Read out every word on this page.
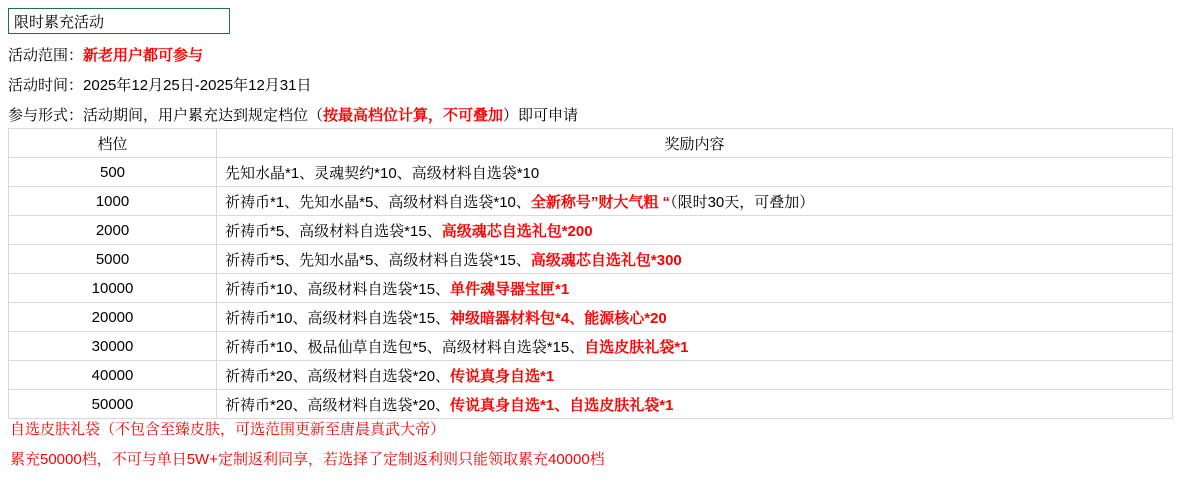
限时累充活动
活动范围： 新老用户都可参与
活动时间： 2025年12月25日-2025年12月31日
参与形式： 活动期间，用户累充达到规定档位（ 按最高档位计算，不可叠加 ）即可申请
档位	奖励内容
500	先知水晶*1、灵魂契约*10、高级材料自选袋*10
1000	祈祷币*1、先知水晶*5、高级材料自选袋*10、全新称号”财大气粗 “（限时30天，可叠加）
2000	祈祷币*5、高级材料自选袋*15、高级魂芯自选礼包*200
5000	祈祷币*5、先知水晶*5、高级材料自选袋*15、高级魂芯自选礼包*300
10000	祈祷币*10、高级材料自选袋*15、单件魂导器宝匣*1
20000	祈祷币*10、高级材料自选袋*15、神级暗器材料包*4、能源核心*20
30000	祈祷币*10、极品仙草自选包*5、高级材料自选袋*15、自选皮肤礼袋*1
40000	祈祷币*20、高级材料自选袋*20、传说真身自选*1
50000	祈祷币*20、高级材料自选袋*20、传说真身自选*1、自选皮肤礼袋*1
自选皮肤礼袋（不包含至臻皮肤，可选范围更新至唐晨真武大帝）
累充50000档，不可与单日5W+定制返利同享，若选择了定制返利则只能领取累充40000档
